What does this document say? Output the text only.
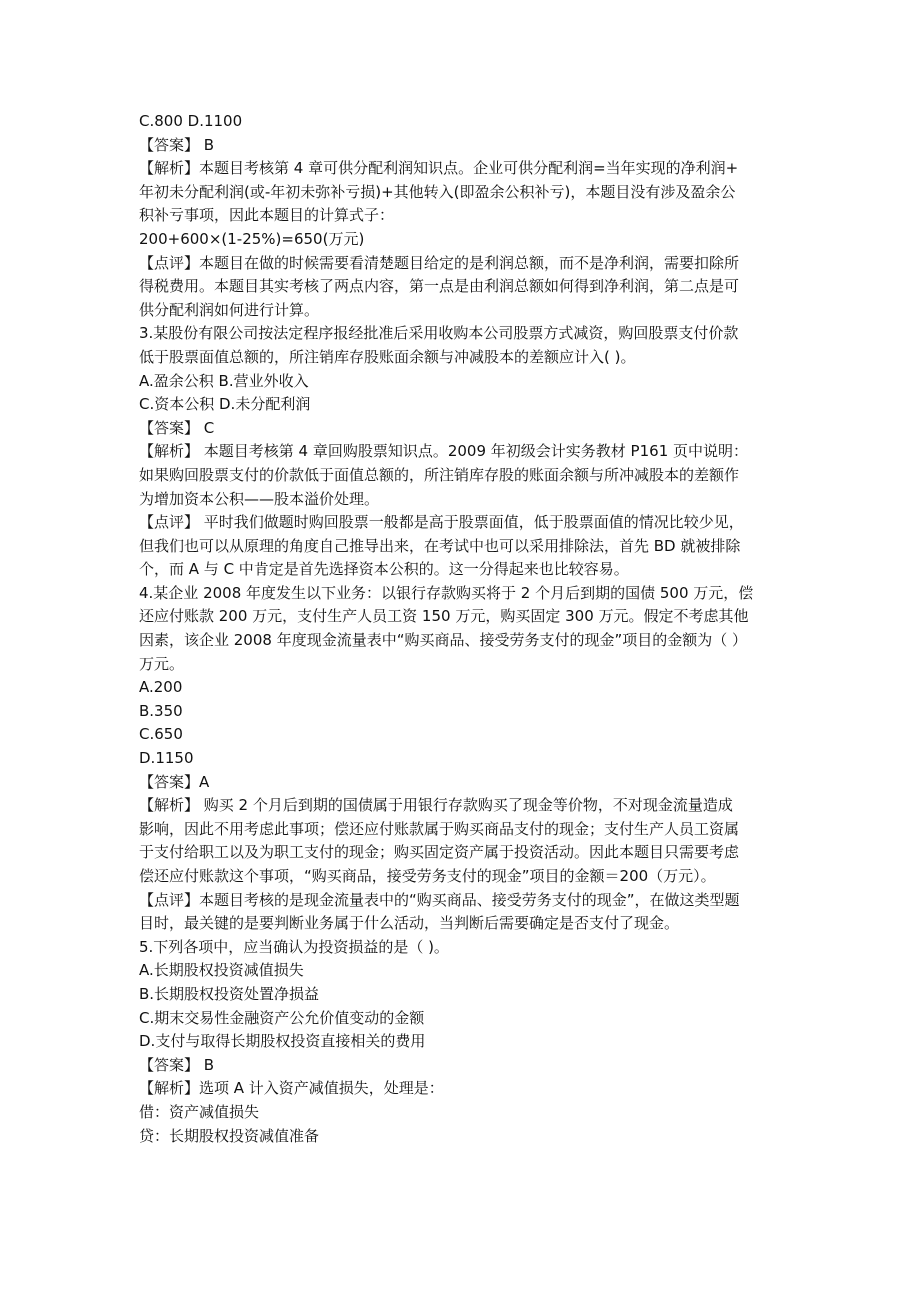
C.800 D.1100
【答案】 B
【解析】本题目考核第 4 章可供分配利润知识点。企业可供分配利润=当年实现的净利润+
年初未分配利润(或-年初未弥补亏损)+其他转入(即盈余公积补亏)，本题目没有涉及盈余公
积补亏事项，因此本题目的计算式子：
200+600×(1-25%)=650(万元)
【点评】本题目在做的时候需要看清楚题目给定的是利润总额，而不是净利润，需要扣除所
得税费用。本题目其实考核了两点内容，第一点是由利润总额如何得到净利润，第二点是可
供分配利润如何进行计算。
3.某股份有限公司按法定程序报经批准后采用收购本公司股票方式减资，购回股票支付价款
低于股票面值总额的，所注销库存股账面余额与冲减股本的差额应计入( )。
A.盈余公积 B.营业外收入
C.资本公积 D.未分配利润
【答案】 C
【解析】 本题目考核第 4 章回购股票知识点。2009 年初级会计实务教材 P161 页中说明：
如果购回股票支付的价款低于面值总额的，所注销库存股的账面余额与所冲减股本的差额作
为增加资本公积——股本溢价处理。
【点评】 平时我们做题时购回股票一般都是高于股票面值，低于股票面值的情况比较少见，
但我们也可以从原理的角度自己推导出来，在考试中也可以采用排除法，首先 BD 就被排除
个，而 A 与 C 中肯定是首先选择资本公积的。这一分得起来也比较容易。
4.某企业 2008 年度发生以下业务：以银行存款购买将于 2 个月后到期的国债 500 万元，偿
还应付账款 200 万元，支付生产人员工资 150 万元，购买固定 300 万元。假定不考虑其他
因素，该企业 2008 年度现金流量表中“购买商品、接受劳务支付的现金”项目的金额为（ ）
万元。
A.200
B.350
C.650
D.1150
【答案】A
【解析】 购买 2 个月后到期的国债属于用银行存款购买了现金等价物，不对现金流量造成
影响，因此不用考虑此事项；偿还应付账款属于购买商品支付的现金；支付生产人员工资属
于支付给职工以及为职工支付的现金；购买固定资产属于投资活动。因此本题目只需要考虑
偿还应付账款这个事项，“购买商品，接受劳务支付的现金”项目的金额＝200（万元）。
【点评】本题目考核的是现金流量表中的“购买商品、接受劳务支付的现金”，在做这类型题
目时，最关键的是要判断业务属于什么活动，当判断后需要确定是否支付了现金。
5.下列各项中，应当确认为投资损益的是（ )。
A.长期股权投资减值损失
B.长期股权投资处置净损益
C.期末交易性金融资产公允价值变动的金额
D.支付与取得长期股权投资直接相关的费用
【答案】 B
【解析】选项 A 计入资产减值损失，处理是：
借：资产减值损失
贷：长期股权投资减值准备
